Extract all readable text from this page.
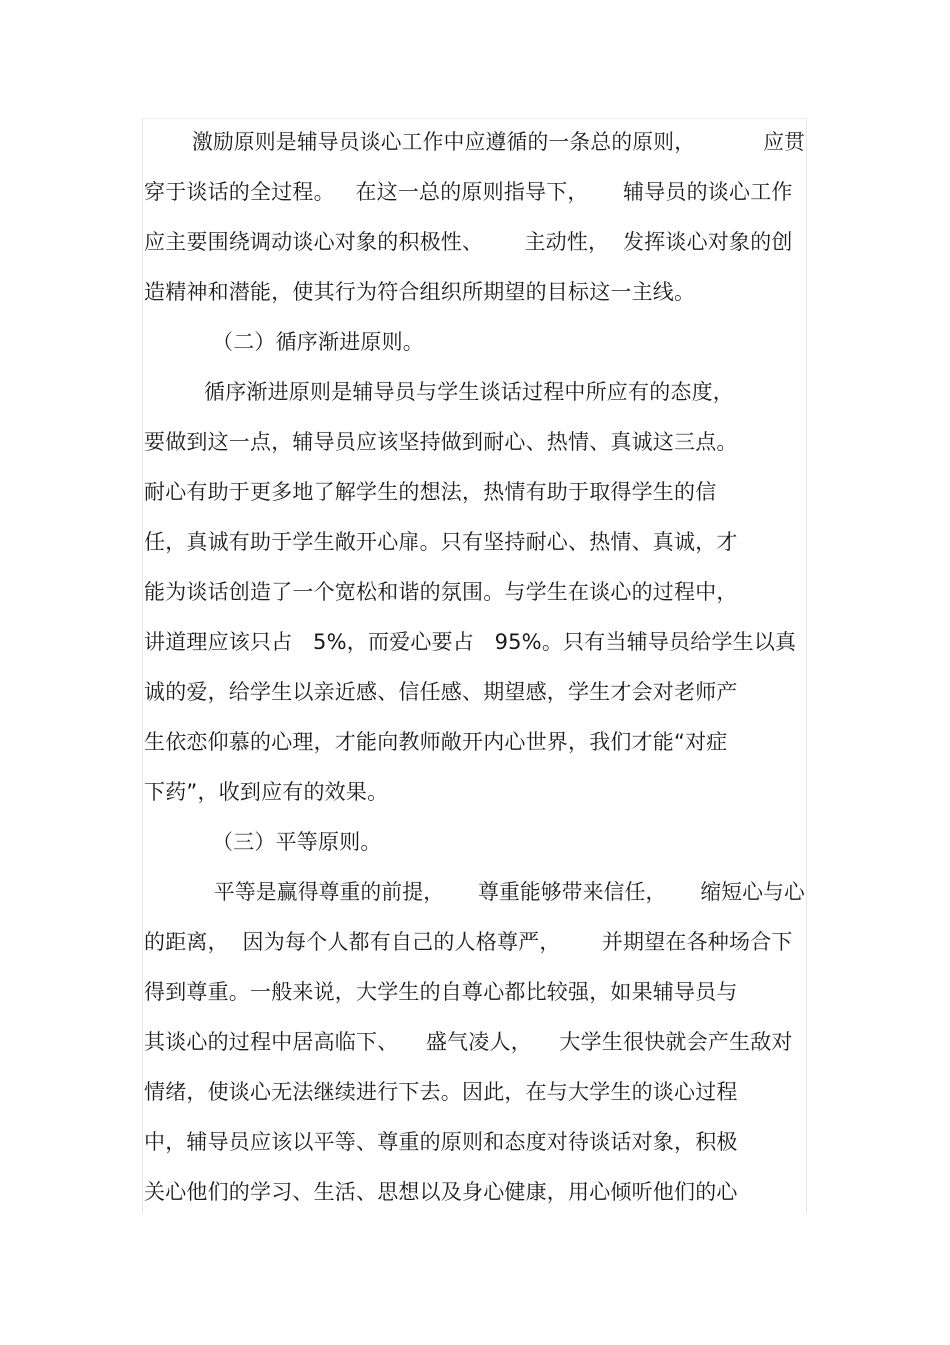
激励原则是辅导员谈心工作中应遵循的一条总的原则，          应贯
穿于谈话的全过程。   在这一总的原则指导下，     辅导员的谈心工作
应主要围绕调动谈心对象的积极性、      主动性，  发挥谈心对象的创
造精神和潜能，使其行为符合组织所期望的目标这一主线。
（二）循序渐进原则。
循序渐进原则是辅导员与学生谈话过程中所应有的态度，
要做到这一点，辅导员应该坚持做到耐心、热情、真诚这三点。
耐心有助于更多地了解学生的想法，热情有助于取得学生的信
任，真诚有助于学生敞开心扉。只有坚持耐心、热情、真诚，才
能为谈话创造了一个宽松和谐的氛围。与学生在谈心的过程中，
讲道理应该只占   5%，而爱心要占   95%。只有当辅导员给学生以真
诚的爱，给学生以亲近感、信任感、期望感，学生才会对老师产
生依恋仰慕的心理，才能向教师敞开内心世界，我们才能“对症
下药”，收到应有的效果。
（三）平等原则。
平等是赢得尊重的前提，     尊重能够带来信任，     缩短心与心
的距离，  因为每个人都有自己的人格尊严，      并期望在各种场合下
得到尊重。一般来说，大学生的自尊心都比较强，如果辅导员与
其谈心的过程中居高临下、    盛气凌人，    大学生很快就会产生敌对
情绪，使谈心无法继续进行下去。因此，在与大学生的谈心过程
中，辅导员应该以平等、尊重的原则和态度对待谈话对象，积极
关心他们的学习、生活、思想以及身心健康，用心倾听他们的心
